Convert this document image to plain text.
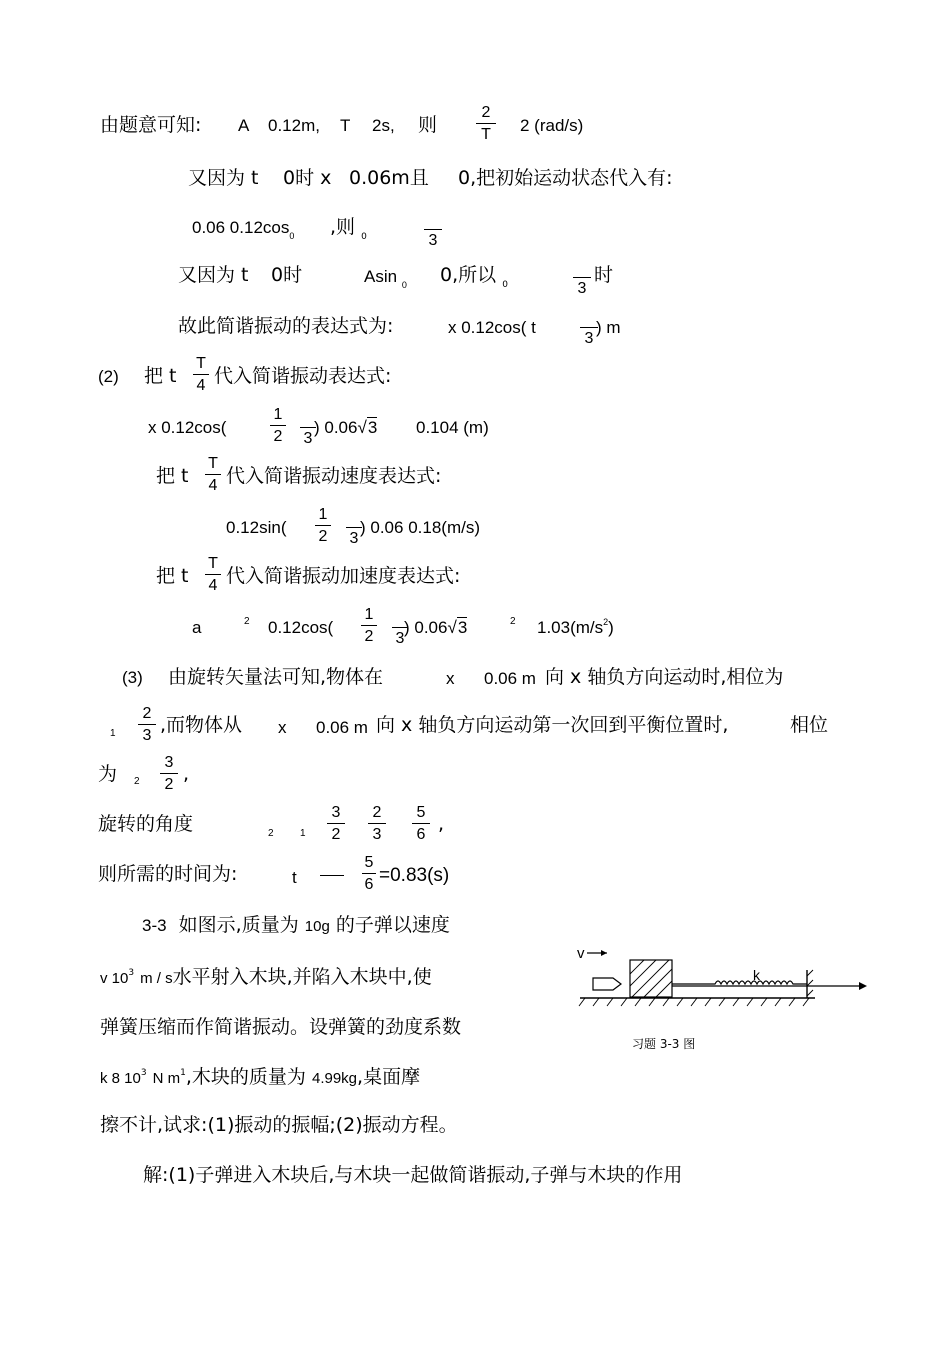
由题意可知: A 0.12m, T 2s, 则
2
T	2 (rad/s)
又因为 t 0时 x 0.06m且 0,把初始运动状态代入有:
0.06 $0.12\cos_0$ ,则 $_0$
	3
又因为 t 0时	Asin $_0$ 0,所以 $_0$
	3
时
故此简谐振动的表达式为:	x 0.12cos( t

3
) m
(2) 把 t
T
4 代入简谐振动表达式:
x 0.12cos(
1
2
3
) 0.06√3 0.104 (m)
把 t
T
4 代入简谐振动速度表达式:
0.12sin(
1
2
3
) 0.06 0.18(m/s)
把 t
T
4 代入简谐振动加速度表达式:
a	2 0.12cos(
1
2
3
) 0.06√3	2 $1.03(m/s^2)$
(3) 由旋转矢量法可知,物体在	x 0.06 m 向 x 轴负方向运动时,相位为
1
2
3 ,而物体从 x 0.06 m 向 x 轴负方向运动第一次回到平衡位置时,	相位
为 2
3
2 ,
旋转的角度	2	1
3
2
2
3
5
6 ,
则所需的时间为:	t
5
6 =0.83(s)
3-3 如图示,质量为 10g 的子弹以速度
v $10^3$ m / s水平射入木块,并陷入木块中,使
弹簧压缩而作简谐振动。设弹簧的劲度系数
k 8 $10^3$ N $m^1$,木块的质量为 4.99kg,桌面摩
擦不计,试求:(1)振动的振幅;(2)振动方程。
解:(1)子弹进入木块后,与木块一起做简谐振动,子弹与木块的作用
v
k
习题 3-3 图
